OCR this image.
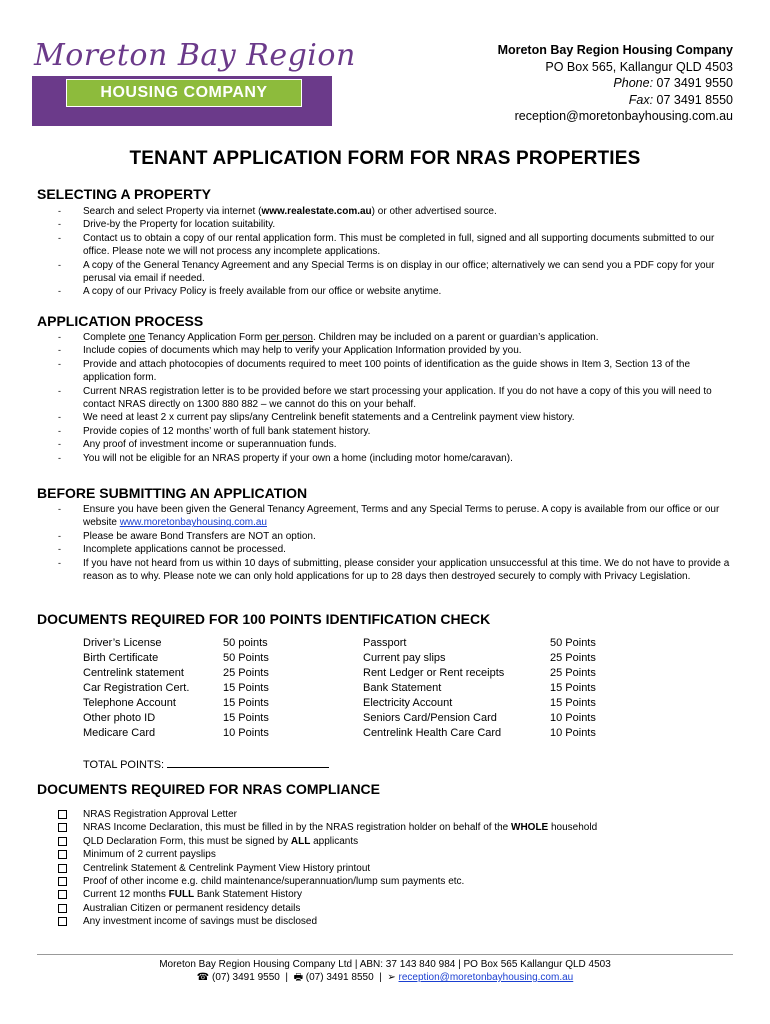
Moreton Bay Region
HOUSING COMPANY
Moreton Bay Region Housing Company
PO Box 565, Kallangur QLD 4503
Phone: 07 3491 9550
Fax: 07 3491 8550
reception@moretonbayhousing.com.au
TENANT APPLICATION FORM FOR NRAS PROPERTIES
SELECTING A PROPERTY
- Search and select Property via internet (www.realestate.com.au) or other advertised source.
- Drive-by the Property for location suitability.
- Contact us to obtain a copy of our rental application form. This must be completed in full, signed and all supporting documents submitted to our office. Please note we will not process any incomplete applications.
- A copy of the General Tenancy Agreement and any Special Terms is on display in our office; alternatively we can send you a PDF copy for your perusal via email if needed.
- A copy of our Privacy Policy is freely available from our office or website anytime.
APPLICATION PROCESS
- Complete one Tenancy Application Form per person. Children may be included on a parent or guardian’s application.
- Include copies of documents which may help to verify your Application Information provided by you.
- Provide and attach photocopies of documents required to meet 100 points of identification as the guide shows in Item 3, Section 13 of the application form.
- Current NRAS registration letter is to be provided before we start processing your application. If you do not have a copy of this you will need to contact NRAS directly on 1300 880 882 – we cannot do this on your behalf.
- We need at least 2 x current pay slips/any Centrelink benefit statements and a Centrelink payment view history.
- Provide copies of 12 months’ worth of full bank statement history.
- Any proof of investment income or superannuation funds.
- You will not be eligible for an NRAS property if your own a home (including motor home/caravan).
BEFORE SUBMITTING AN APPLICATION
- Ensure you have been given the General Tenancy Agreement, Terms and any Special Terms to peruse. A copy is available from our office or our website www.moretonbayhousing.com.au
- Please be aware Bond Transfers are NOT an option.
- Incomplete applications cannot be processed.
- If you have not heard from us within 10 days of submitting, please consider your application unsuccessful at this time. We do not have to provide a reason as to why. Please note we can only hold applications for up to 28 days then destroyed securely to comply with Privacy Legislation.
DOCUMENTS REQUIRED FOR 100 POINTS IDENTIFICATION CHECK
Driver’s License	50 points	Passport	50 Points
Birth Certificate	50 Points	Current pay slips	25 Points
Centrelink statement	25 Points	Rent Ledger or Rent receipts	25 Points
Car Registration Cert.	15 Points	Bank Statement	15 Points
Telephone Account	15 Points	Electricity Account	15 Points
Other photo ID	15 Points	Seniors Card/Pension Card	10 Points
Medicare Card	10 Points	Centrelink Health Care Card	10 Points
TOTAL POINTS:
DOCUMENTS REQUIRED FOR NRAS COMPLIANCE
NRAS Registration Approval Letter
NRAS Income Declaration, this must be filled in by the NRAS registration holder on behalf of the WHOLE household
QLD Declaration Form, this must be signed by ALL applicants
Minimum of 2 current payslips
Centrelink Statement & Centrelink Payment View History printout
Proof of other income e.g. child maintenance/superannuation/lump sum payments etc.
Current 12 months FULL Bank Statement History
Australian Citizen or permanent residency details
Any investment income of savings must be disclosed
Moreton Bay Region Housing Company Ltd | ABN: 37 143 840 984 | PO Box 565 Kallangur QLD 4503
☎ (07) 3491 9550  |  🖶 (07) 3491 8550  |  ➢ reception@moretonbayhousing.com.au
